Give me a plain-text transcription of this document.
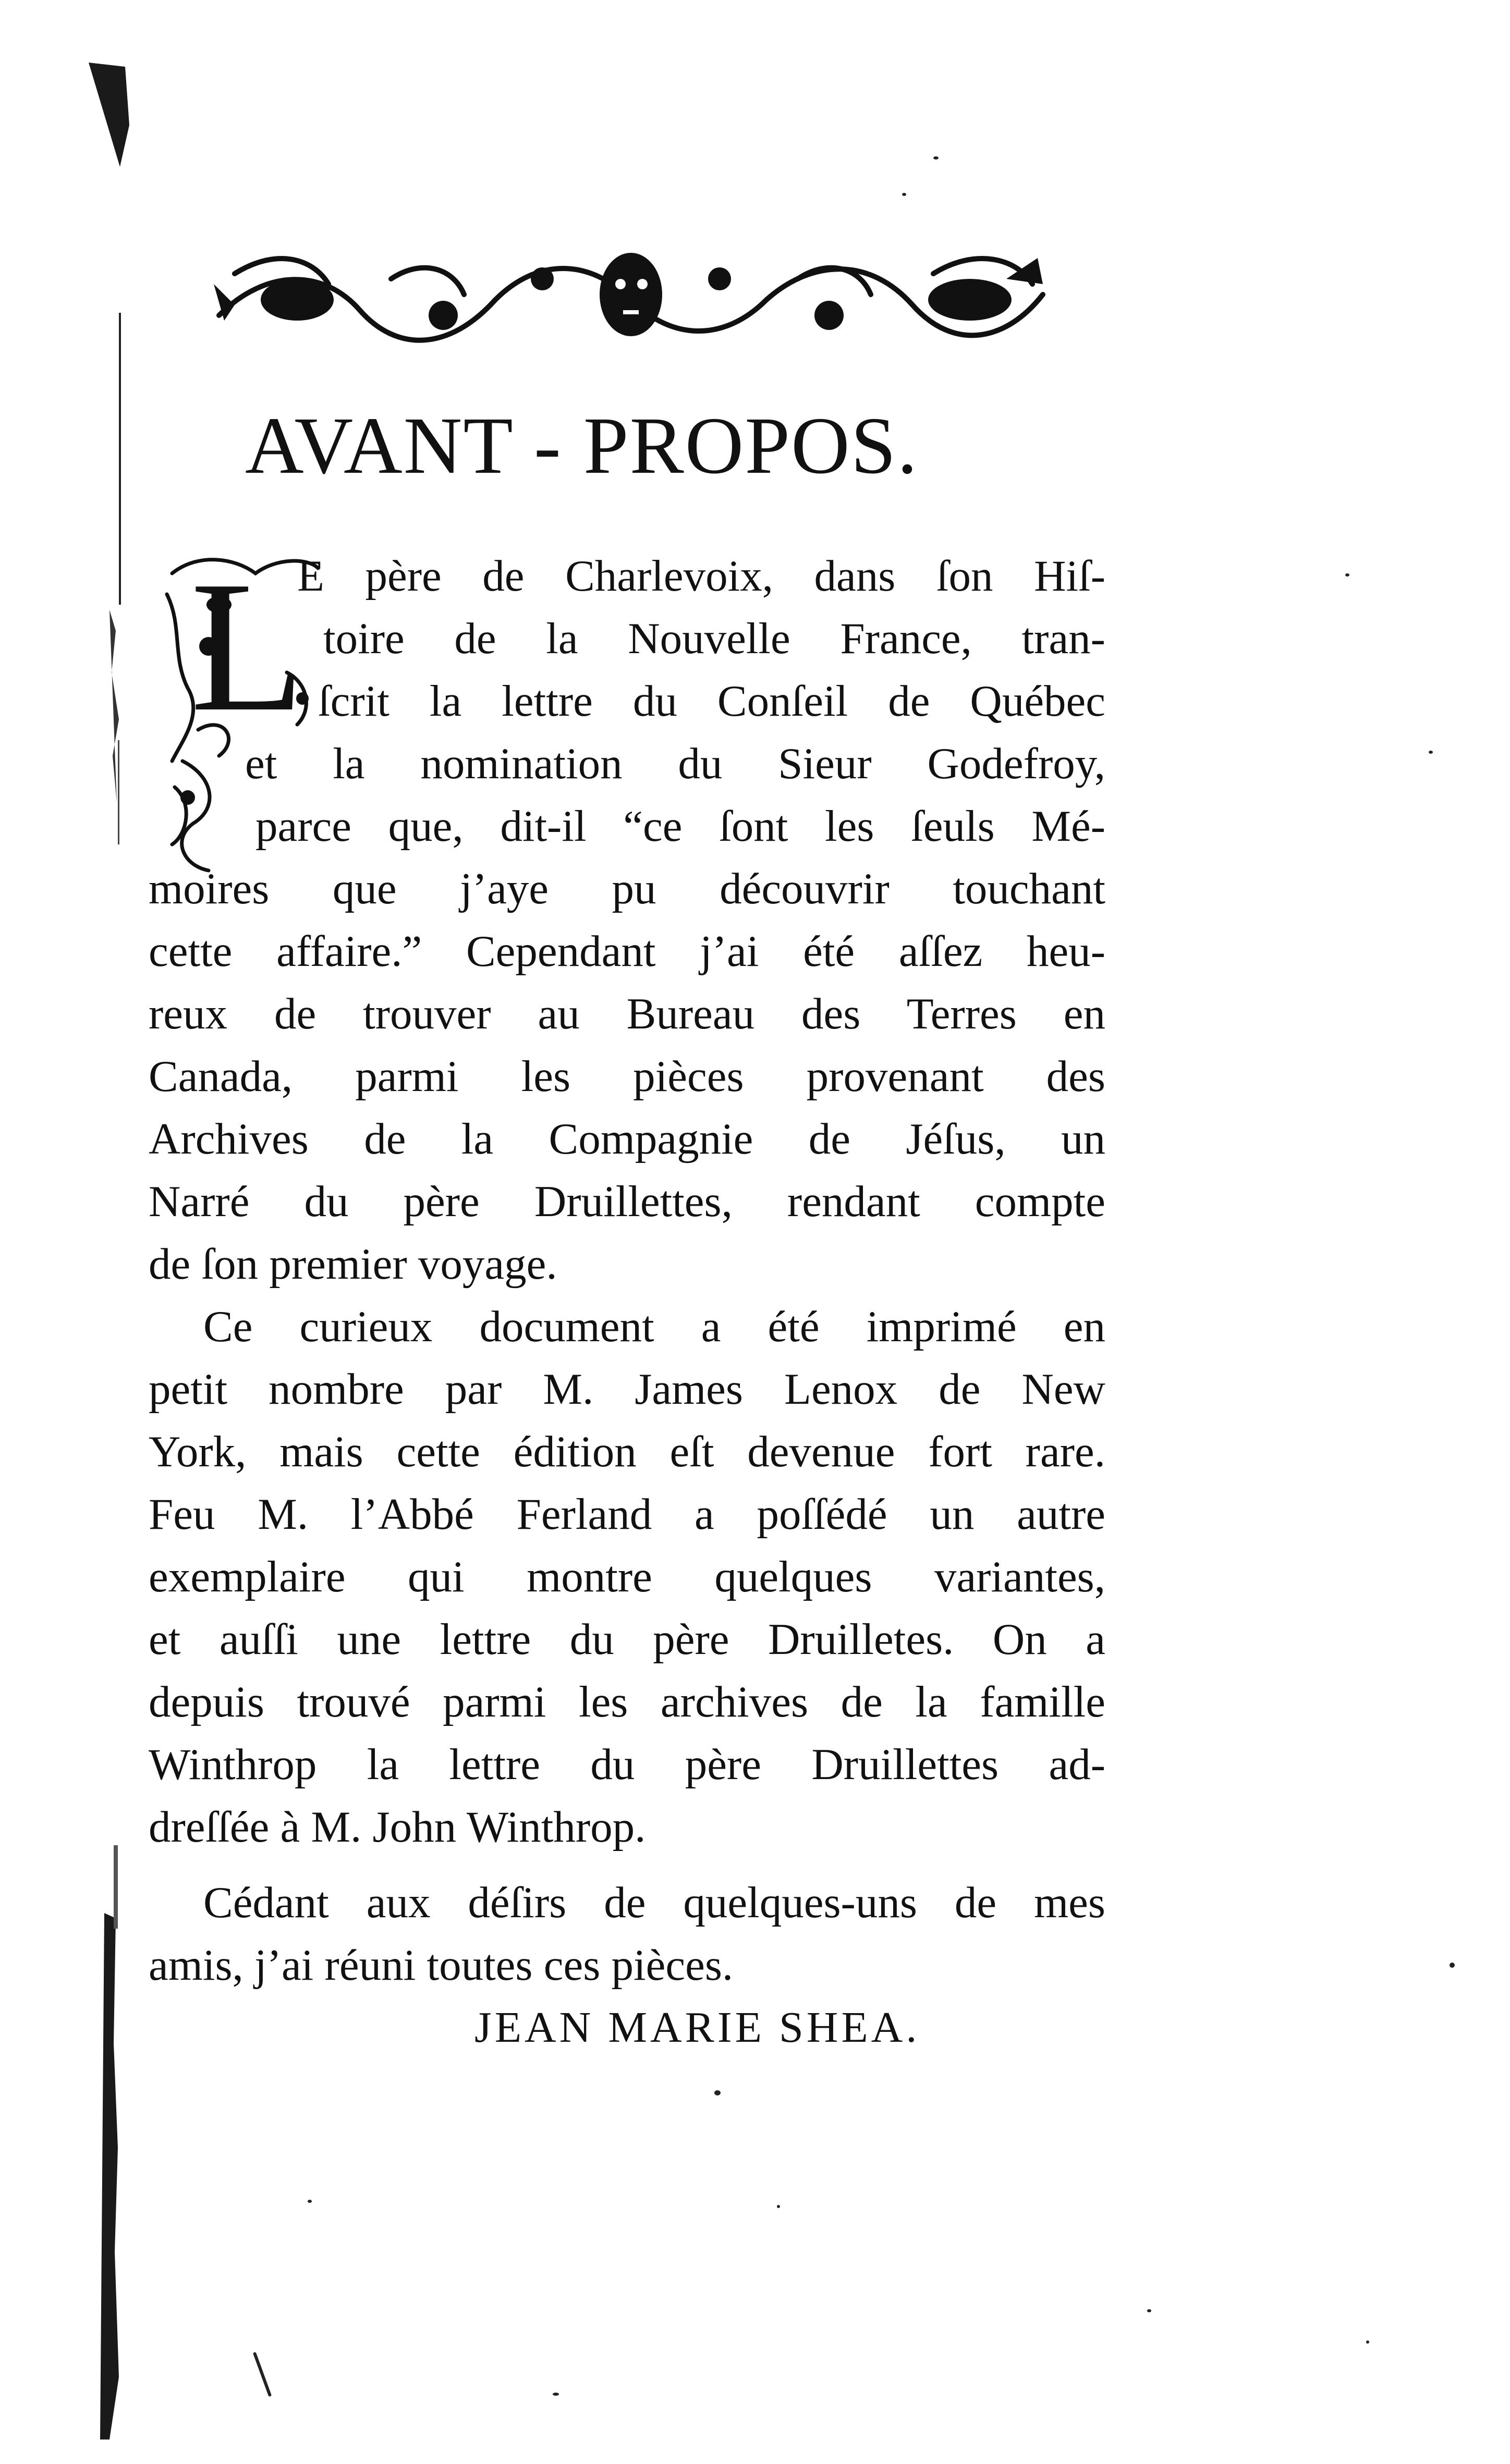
AVANT - PROPOS.
L
E père de Charlevoix, dans ſon Hiſ-
toire de la Nouvelle France, tran-
ſcrit la lettre du Conſeil de Québec
et la nomination du Sieur Godefroy,
parce que, dit-il “ce ſont les ſeuls Mé-
moires que j’aye pu découvrir touchant
cette affaire.” Cependant j’ai été aſſez heu-
reux de trouver au Bureau des Terres en
Canada, parmi les pièces provenant des
Archives de la Compagnie de Jéſus, un
Narré du père Druillettes, rendant compte
de ſon premier voyage.
Ce curieux document a été imprimé en
petit nombre par M. James Lenox de New
York, mais cette édition eſt devenue fort rare.
Feu M. l’Abbé Ferland a poſſédé un autre
exemplaire qui montre quelques variantes,
et auſſi une lettre du père Druilletes. On a
depuis trouvé parmi les archives de la famille
Winthrop la lettre du père Druillettes ad-
dreſſée à M. John Winthrop.
Cédant aux déſirs de quelques-uns de mes
amis, j’ai réuni toutes ces pièces.
JEAN MARIE SHEA.
